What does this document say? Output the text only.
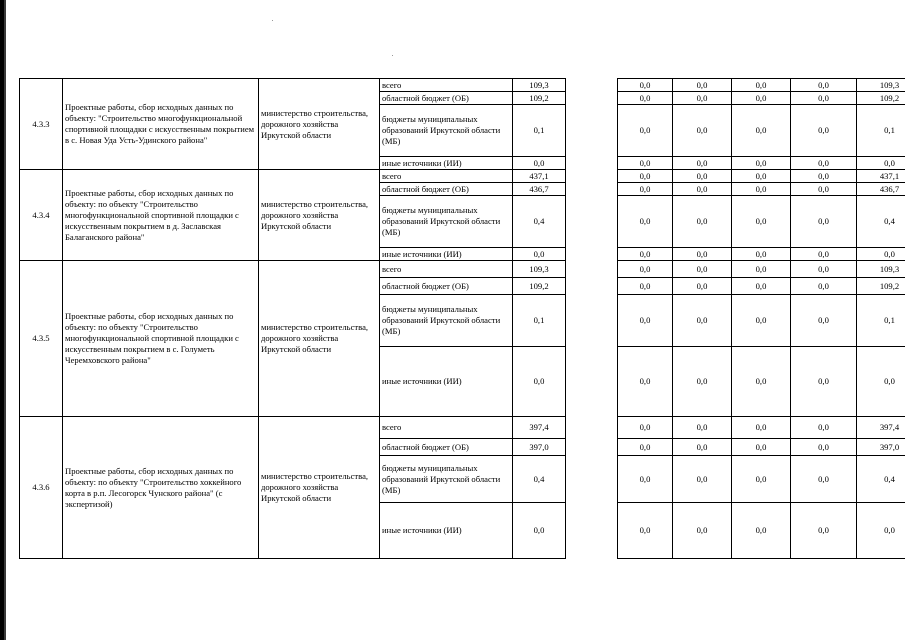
4.3.3	Проектные работы, сбор исходных данных по объекту: "Строительство многофункциональной спортивной площадки с искусственным покрытием в с. Новая Уда Усть-Удинского района"	министерство строительства, дорожного хозяйства Иркутской области	всего	109,3		0,0	0,0	0,0	0,0	109,3
			областной бюджет (ОБ)	109,2		0,0	0,0	0,0	0,0	109,2
			бюджеты муниципальных образований Иркутской области (МБ)	0,1		0,0	0,0	0,0	0,0	0,1
			иные источники (ИИ)	0,0		0,0	0,0	0,0	0,0	0,0
4.3.4	Проектные работы, сбор исходных данных по объекту: по объекту "Строительство многофункциональной спортивной площадки с искусственным покрытием в д. Заславская Балаганского района"	министерство строительства, дорожного хозяйства Иркутской области	всего	437,1		0,0	0,0	0,0	0,0	437,1
			областной бюджет (ОБ)	436,7		0,0	0,0	0,0	0,0	436,7
			бюджеты муниципальных образований Иркутской области (МБ)	0,4		0,0	0,0	0,0	0,0	0,4
			иные источники (ИИ)	0,0		0,0	0,0	0,0	0,0	0,0
4.3.5	Проектные работы, сбор исходных данных по объекту: по объекту "Строительство многофункциональной спортивной площадки с искусственным покрытием в с. Голуметь Черемховского района"	министерство строительства, дорожного хозяйства Иркутской области	всего	109,3		0,0	0,0	0,0	0,0	109,3
			областной бюджет (ОБ)	109,2		0,0	0,0	0,0	0,0	109,2
			бюджеты муниципальных образований Иркутской области (МБ)	0,1		0,0	0,0	0,0	0,0	0,1
			иные источники (ИИ)	0,0		0,0	0,0	0,0	0,0	0,0
4.3.6	Проектные работы, сбор исходных данных по объекту: по объекту "Строительство хоккейного корта в р.п. Лесогорск Чунского района" (с экспертизой)	министерство строительства, дорожного хозяйства Иркутской области	всего	397,4		0,0	0,0	0,0	0,0	397,4
			областной бюджет (ОБ)	397,0		0,0	0,0	0,0	0,0	397,0
			бюджеты муниципальных образований Иркутской области (МБ)	0,4		0,0	0,0	0,0	0,0	0,4
			иные источники (ИИ)	0,0		0,0	0,0	0,0	0,0	0,0
